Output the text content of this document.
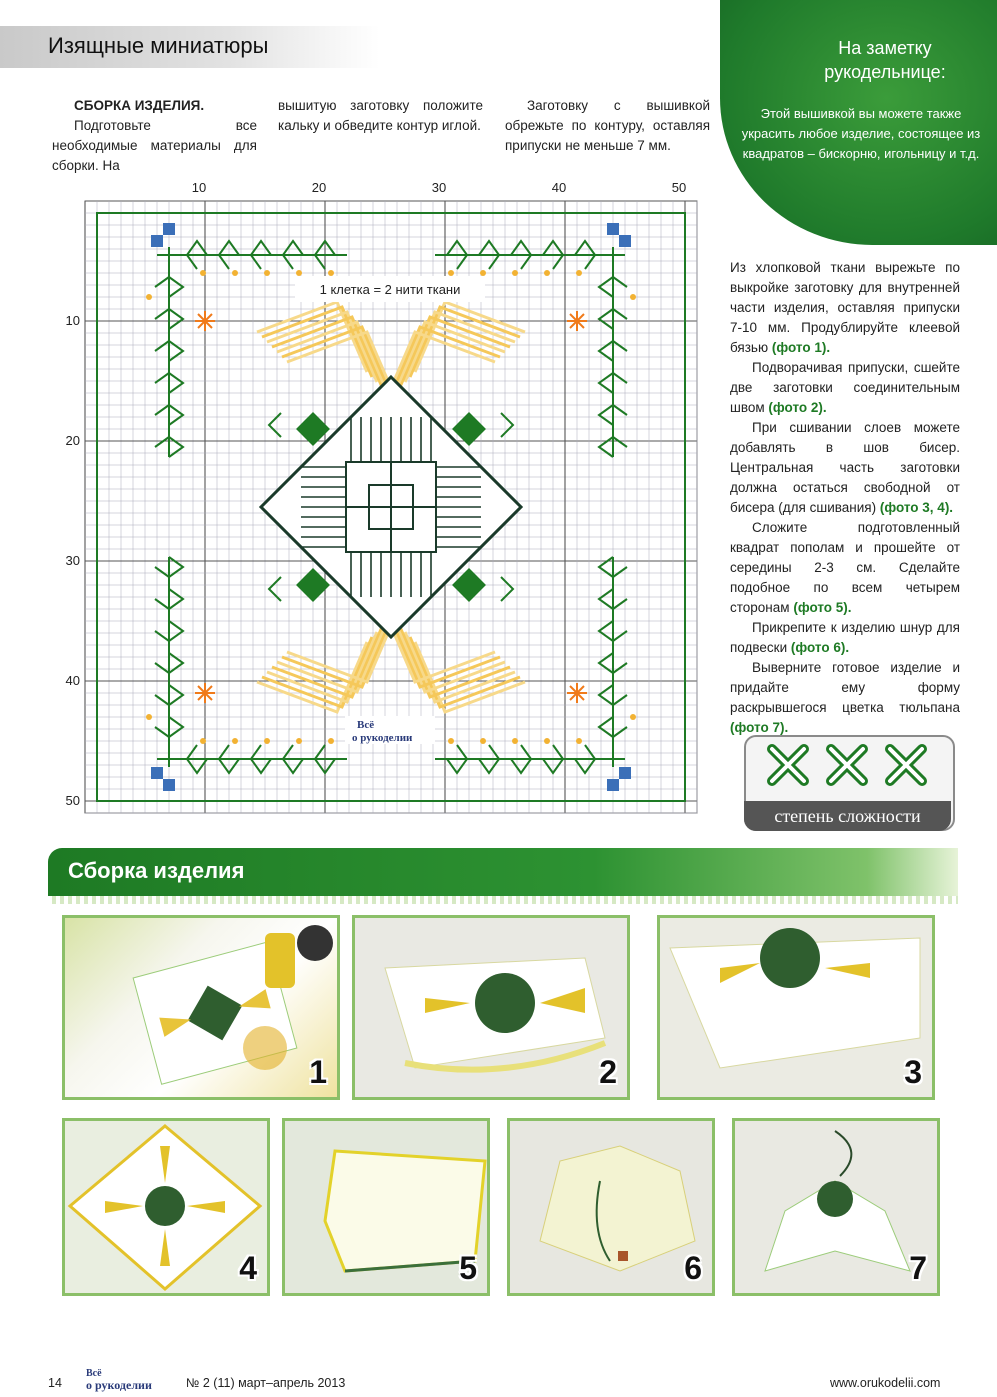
Изящные миниатюры	На заметку рукодельнице:
Этой вышивкой вы можете также украсить любое изделие, состоящее из квадратов – бискорню, игольницу и т.д.
СБОРКА ИЗДЕЛИЯ.
Подготовьте все необходимые материалы для сборки. На
вышитую заготовку положите кальку и обведите контур иглой.
Заготовку с вышивкой обрежьте по контуру, оставляя припуски не меньше 7 мм.
10	20	30	40	50
10
20
30
40
50
1 клетка = 2 нити ткани
Всё
о рукоделии
Из хлопковой ткани вырежьте по выкройке заготовку для внутренней части изделия, оставляя припуски 7-10 мм. Продублируйте клеевой бязью (фото 1).
Подворачивая припуски, сшейте две заготовки соединительным швом (фото 2).
При сшивании слоев можете добавлять в шов бисер. Центральная часть заготовки должна остаться свободной от бисера (для сшивания) (фото 3, 4).
Сложите подготовленный квадрат пополам и прошейте от середины 2-3 см. Сделайте подобное по всем четырем сторонам (фото 5).
Прикрепите к изделию шнур для подвески (фото 6).
Выверните готовое изделие и придайте ему форму раскрывшегося цветка тюльпана (фото 7).
степень сложности
Сборка изделия
1	2	3
4	5	6	7
14
Всё
о рукоделии	№ 2 (11) март–апрель 2013	www.orukodelii.com
